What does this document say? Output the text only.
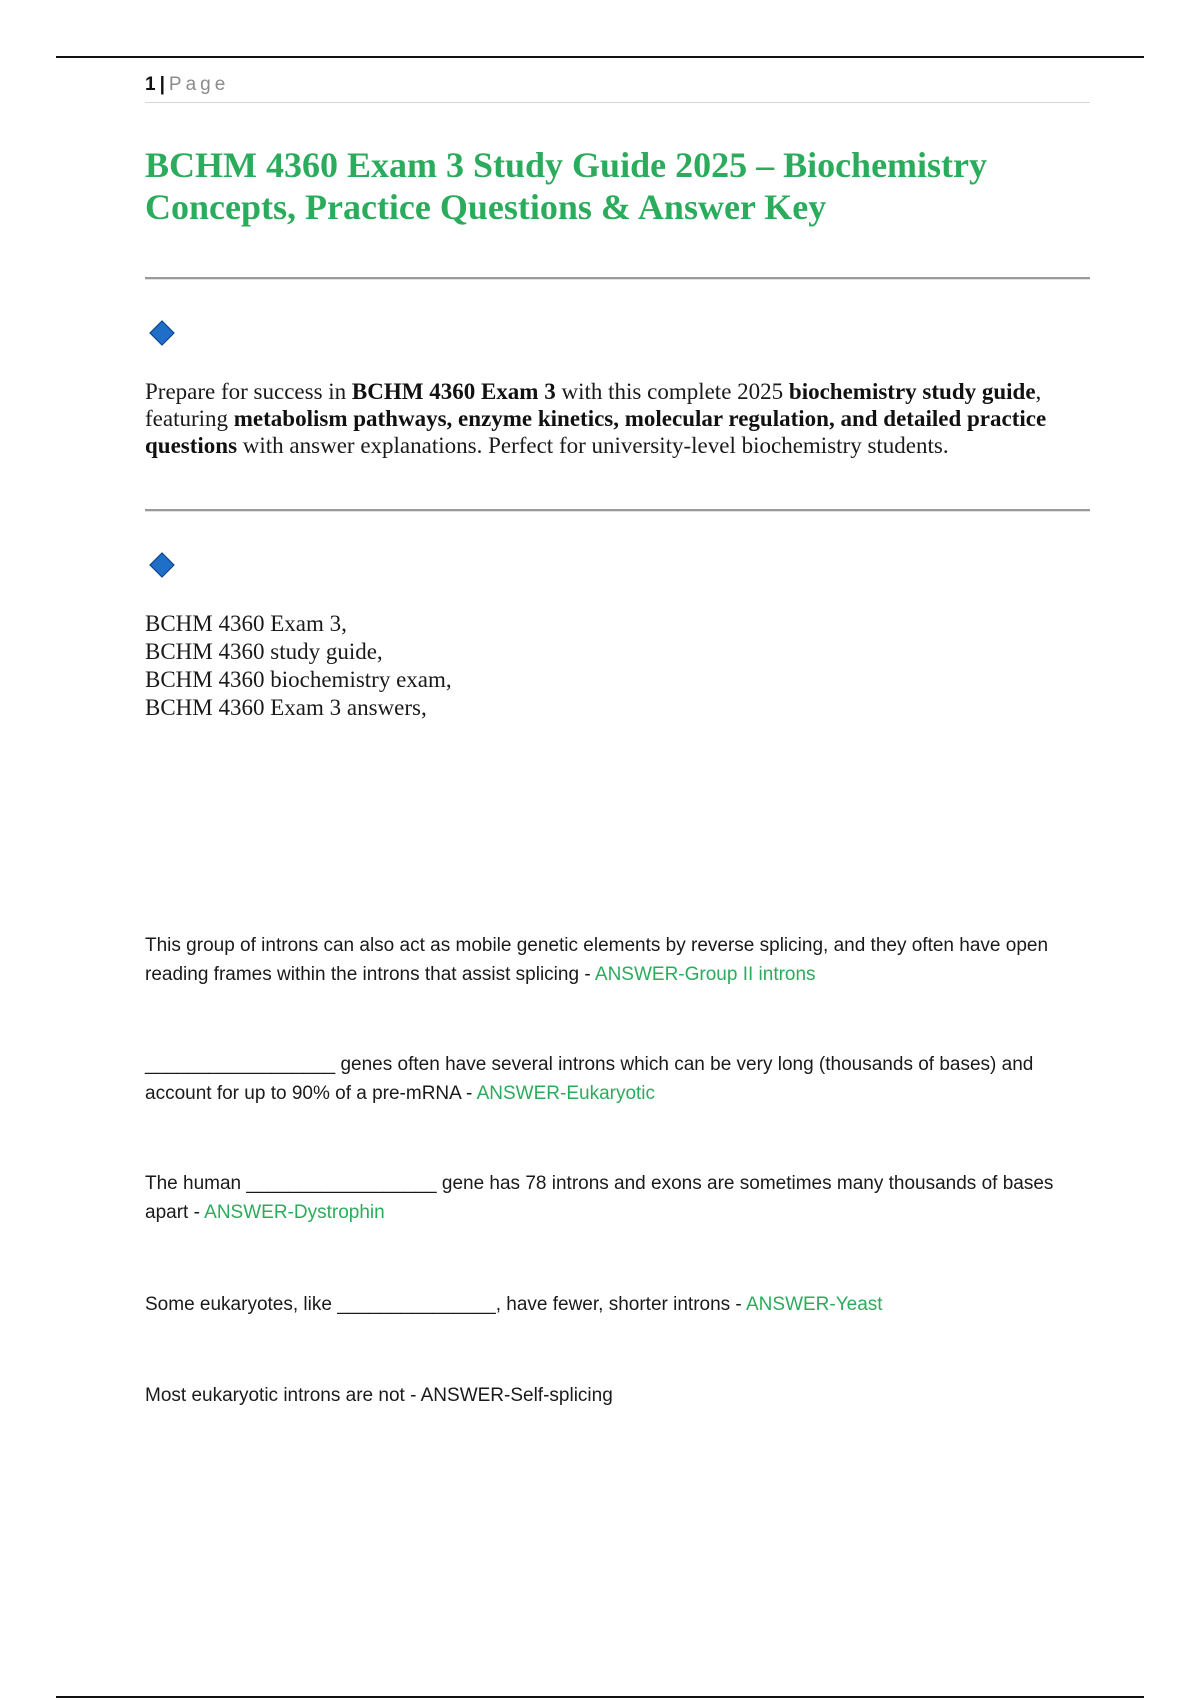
1 | Page
BCHM 4360 Exam 3 Study Guide 2025 – Biochemistry Concepts, Practice Questions & Answer Key

Prepare for success in BCHM 4360 Exam 3 with this complete 2025 biochemistry study guide, featuring metabolism pathways, enzyme kinetics, molecular regulation, and detailed practice questions with answer explanations. Perfect for university-level biochemistry students.

BCHM 4360 Exam 3,
BCHM 4360 study guide,
BCHM 4360 biochemistry exam,
BCHM 4360 Exam 3 answers,

This group of introns can also act as mobile genetic elements by reverse splicing, and they often have open reading frames within the introns that assist splicing - ANSWER-Group II introns

__________________ genes often have several introns which can be very long (thousands of bases) and account for up to 90% of a pre-mRNA - ANSWER-Eukaryotic

The human __________________ gene has 78 introns and exons are sometimes many thousands of bases apart - ANSWER-Dystrophin

Some eukaryotes, like _______________, have fewer, shorter introns - ANSWER-Yeast

Most eukaryotic introns are not - ANSWER-Self-splicing
